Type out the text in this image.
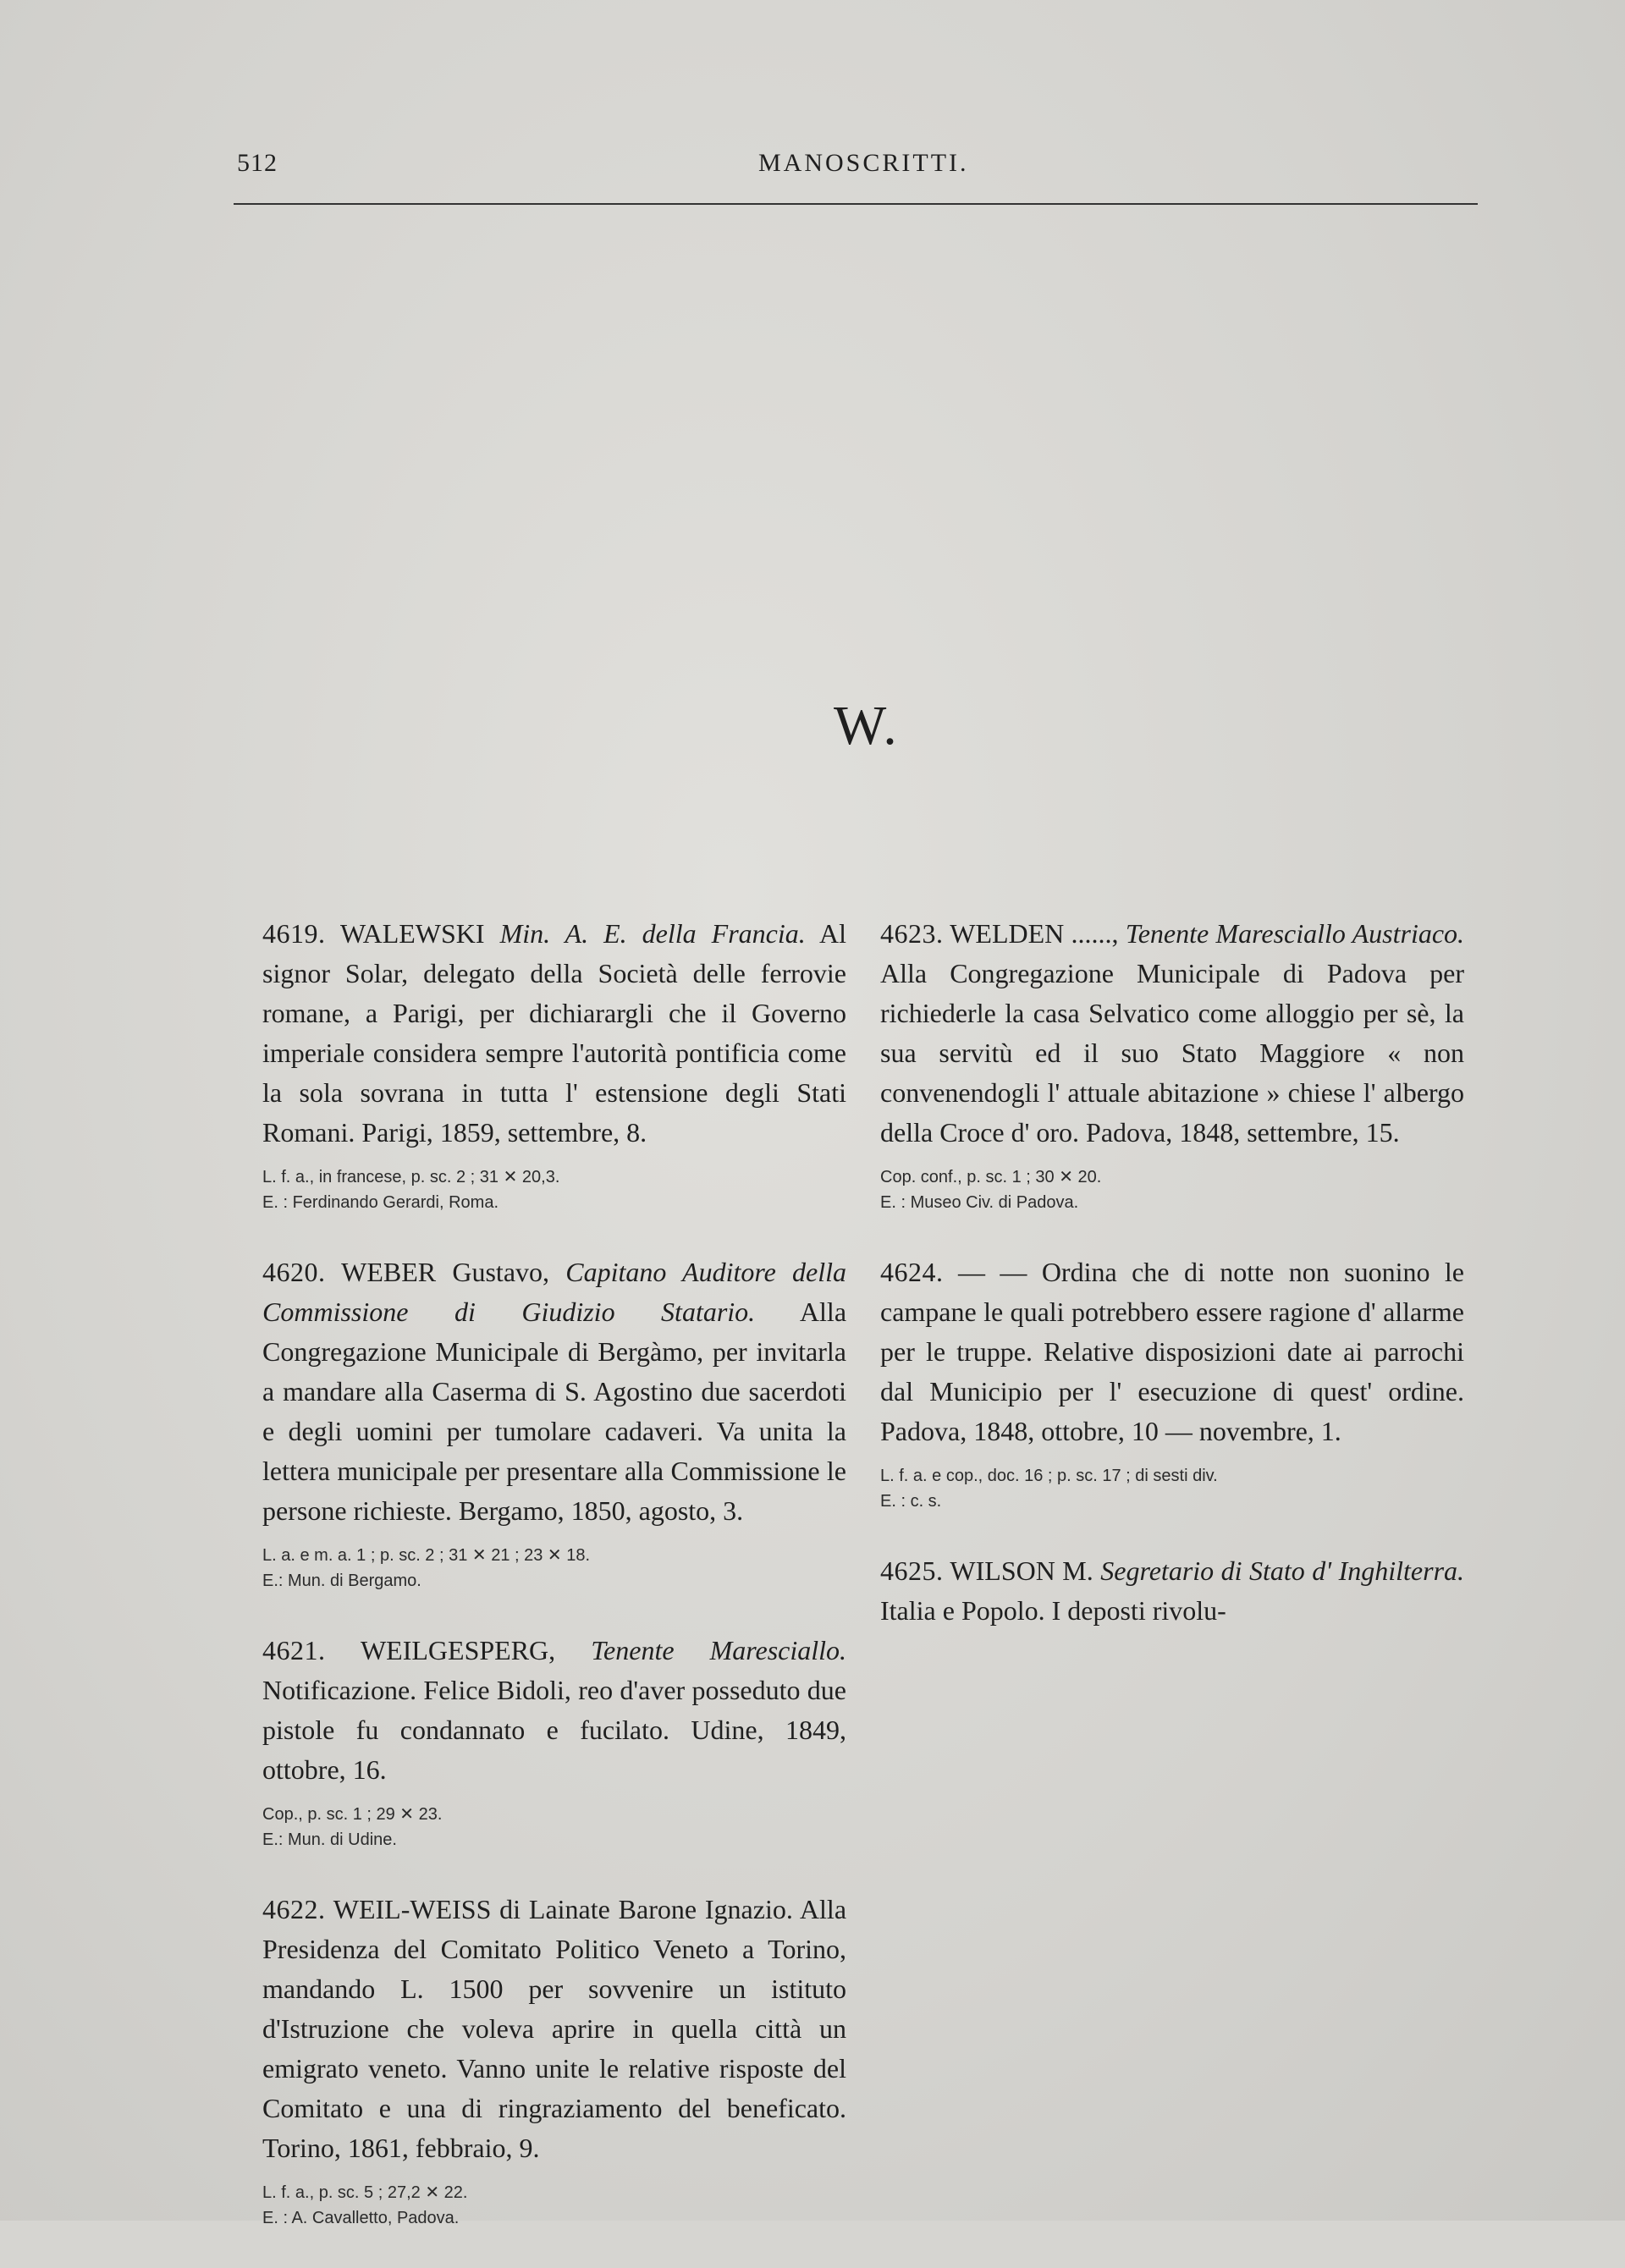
512	MANOSCRITTI.
W.

4619. WALEWSKI Min. A. E. della Francia. Al signor Solar, delegato della Società delle ferrovie romane, a Parigi, per dichiarargli che il Governo imperiale considera sempre l'autorità pontificia come la sola sovrana in tutta l' estensione degli Stati Romani. Parigi, 1859, settembre, 8.

L. f. a., in francese, p. sc. 2 ; 31 ✕ 20,3.
E. : Ferdinando Gerardi, Roma.

4620. WEBER Gustavo, Capitano Auditore della Commissione di Giudizio Statario. Alla Congregazione Municipale di Bergàmo, per invitarla a mandare alla Caserma di S. Agostino due sacerdoti e degli uomini per tumolare cadaveri. Va unita la lettera municipale per presentare alla Commissione le persone richieste. Bergamo, 1850, agosto, 3.

L. a. e m. a. 1 ; p. sc. 2 ; 31 ✕ 21 ; 23 ✕ 18.
E.: Mun. di Bergamo.

4621. WEILGESPERG, Tenente Maresciallo. Notificazione. Felice Bidoli, reo d'aver posseduto due pistole fu condannato e fucilato. Udine, 1849, ottobre, 16.

Cop., p. sc. 1 ; 29 ✕ 23.
E.: Mun. di Udine.

4622. WEIL-WEISS di Lainate Barone Ignazio. Alla Presidenza del Comitato Politico Veneto a Torino, mandando L. 1500 per sovvenire un istituto d'Istruzione che voleva aprire in quella città un emigrato veneto. Vanno unite le relative risposte del Comitato e una di ringraziamento del beneficato. Torino, 1861, febbraio, 9.

L. f. a., p. sc. 5 ; 27,2 ✕ 22.
E. : A. Cavalletto, Padova.

4623. WELDEN ......, Tenente Maresciallo Austriaco. Alla Congregazione Municipale di Padova per richiederle la casa Selvatico come alloggio per sè, la sua servitù ed il suo Stato Maggiore « non convenendogli l' attuale abitazione » chiese l' albergo della Croce d' oro. Padova, 1848, settembre, 15.

Cop. conf., p. sc. 1 ; 30 ✕ 20.
E. : Museo Civ. di Padova.

4624. — — Ordina che di notte non suonino le campane le quali potrebbero essere ragione d' allarme per le truppe. Relative disposizioni date ai parrochi dal Municipio per l' esecuzione di quest' ordine. Padova, 1848, ottobre, 10 — novembre, 1.

L. f. a. e cop., doc. 16 ; p. sc. 17 ; di sesti div.
E. : c. s.

4625. WILSON M. Segretario di Stato d' Inghilterra. Italia e Popolo. I deposti rivolu-
